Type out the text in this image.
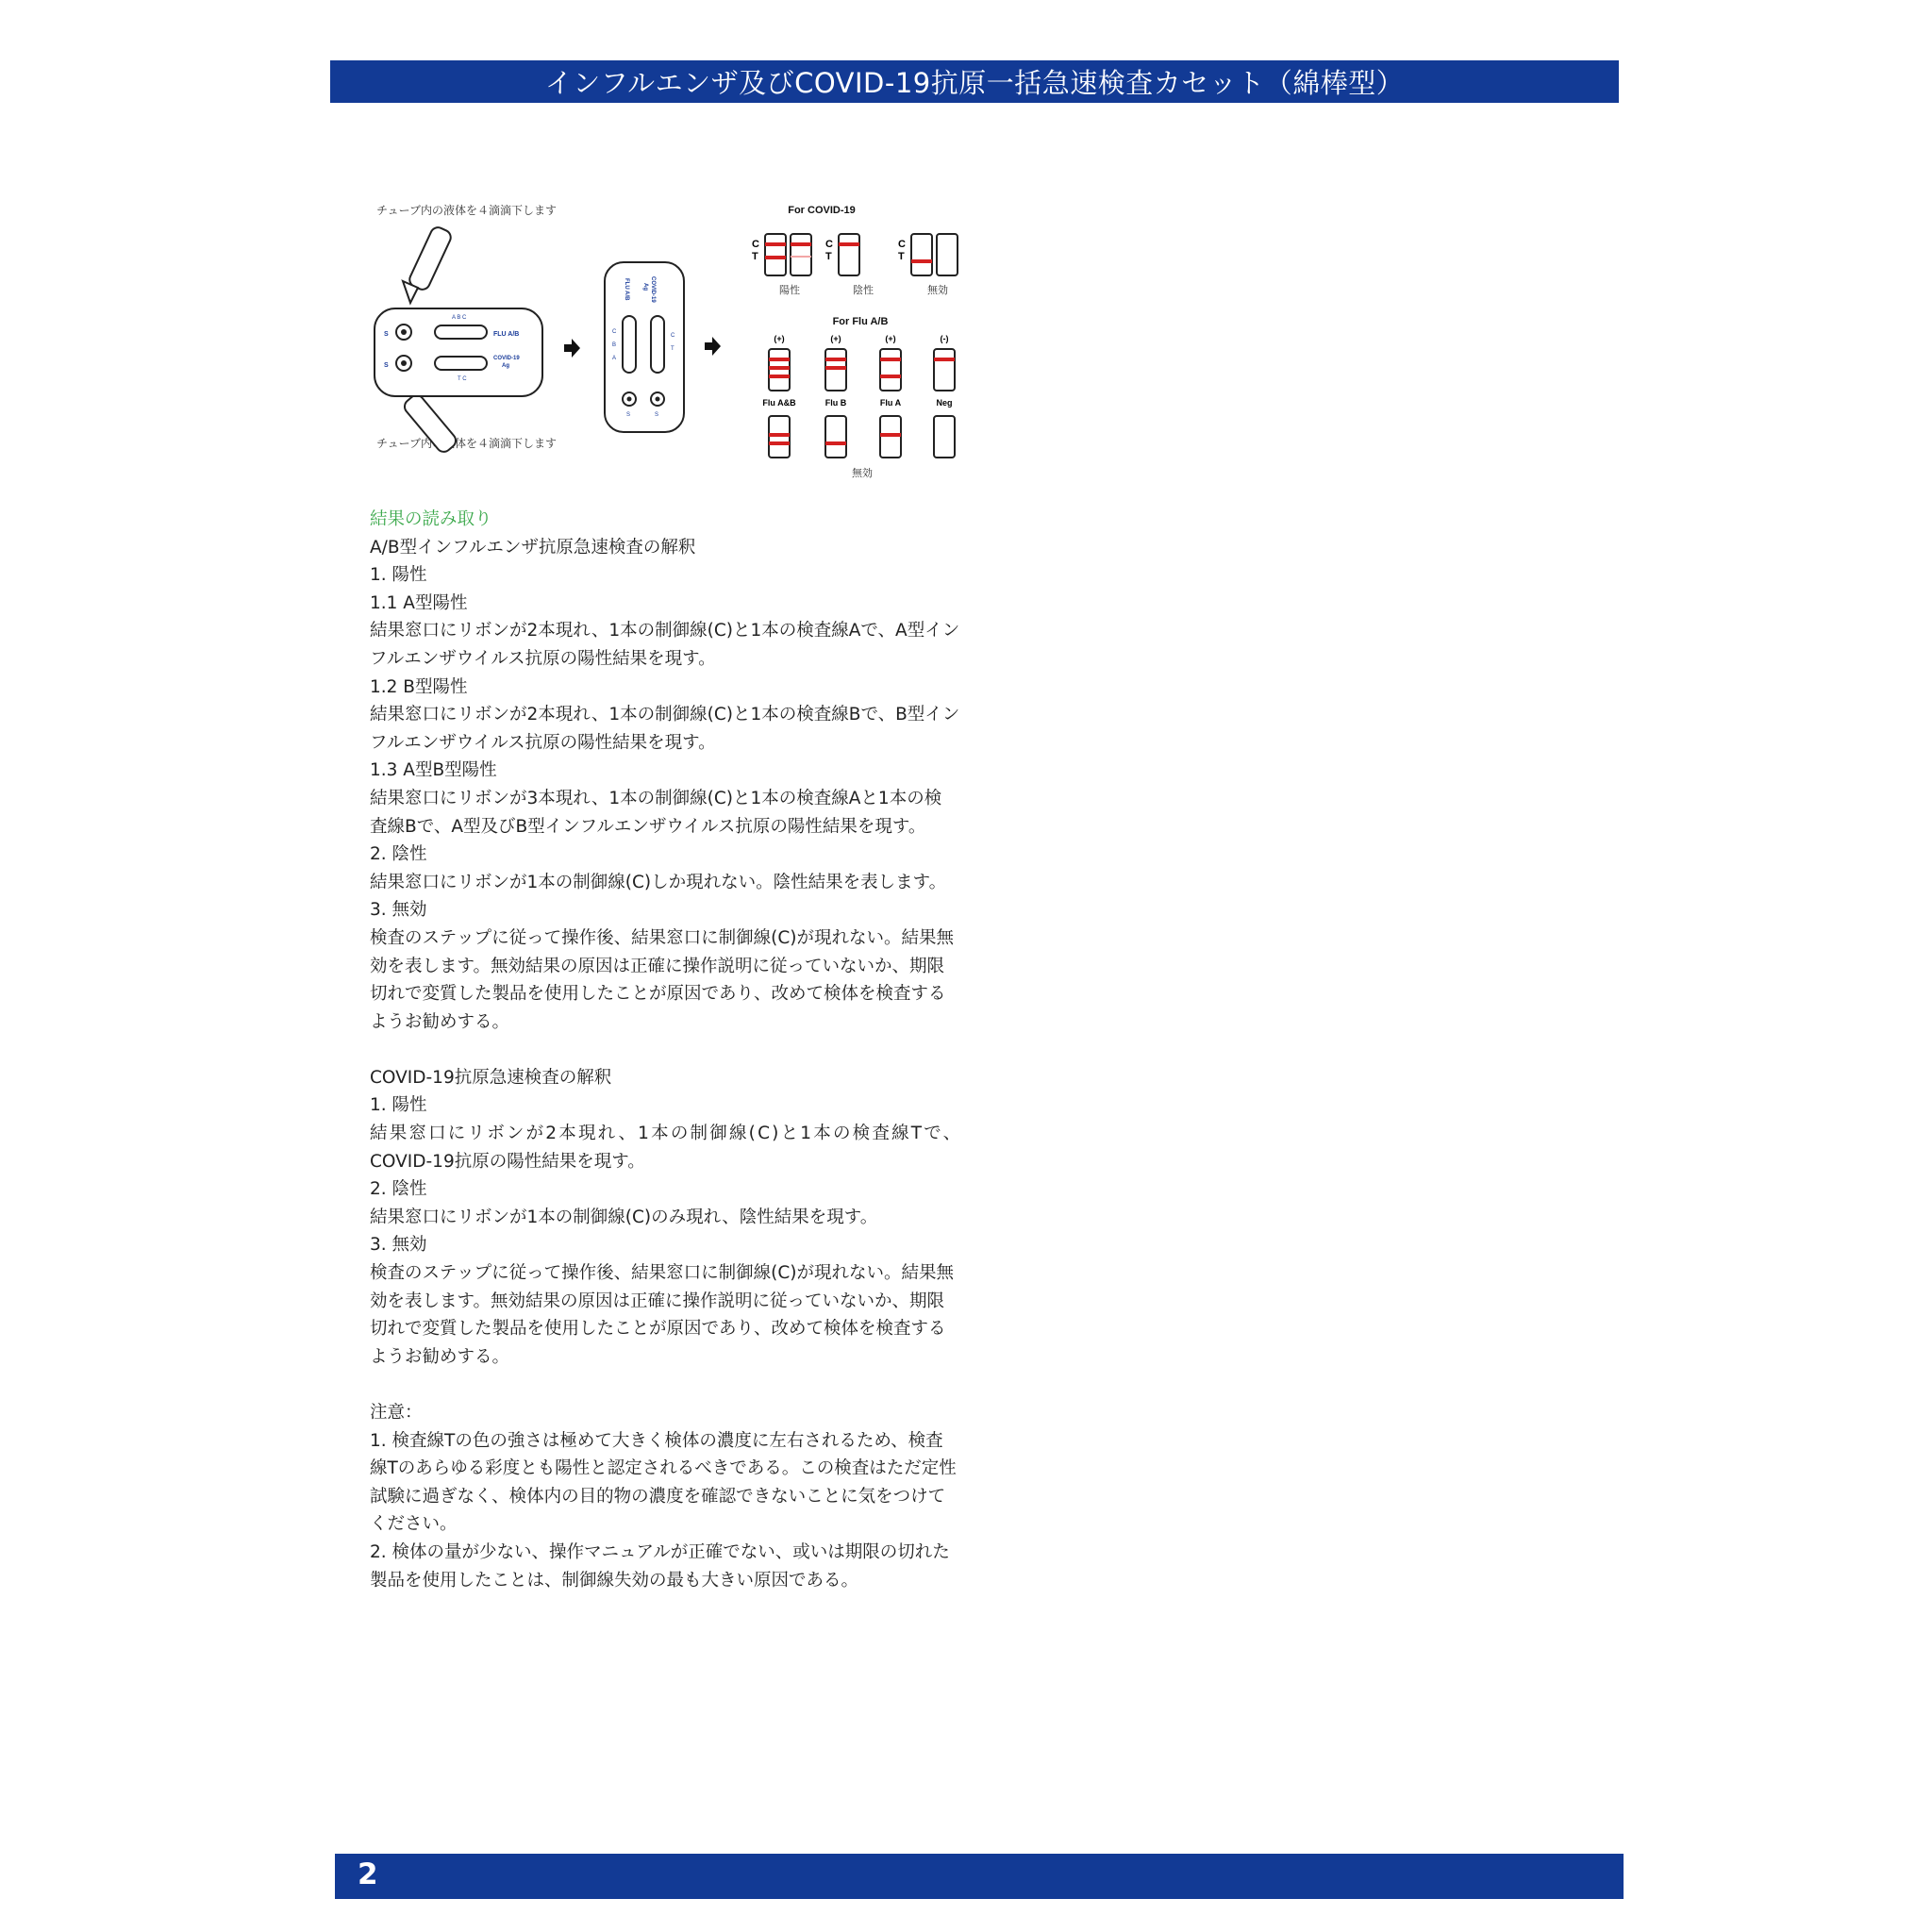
インフルエンザ及びCOVID-19抗原一括急速検査カセット（綿棒型）
チューブ内の液体を４滴滴下します
チューブ内の液体を４滴滴下します
S
S
A B C
T C
FLU A/B
COVID-19
Ag
FLU A/B	COVID-19
Ag
C
B
A
C
T
S	S
For COVID-19
C
T
C
T
C
T
陽性	陰性	無効
For Flu A/B
(+)	(+)	(+)	(-)
Flu A&B	Flu B	Flu A	Neg
無効

結果の読み取り

A/B型インフルエンザ抗原急速検査の解釈

1. 陽性

1.1 A型陽性

結果窓口にリボンが2本現れ、1本の制御線(C)と1本の検査線Aで、A型イン

フルエンザウイルス抗原の陽性結果を現す。

1.2 B型陽性

結果窓口にリボンが2本現れ、1本の制御線(C)と1本の検査線Bで、B型イン

フルエンザウイルス抗原の陽性結果を現す。

1.3 A型B型陽性

結果窓口にリボンが3本現れ、1本の制御線(C)と1本の検査線Aと1本の検

査線Bで、A型及びB型インフルエンザウイルス抗原の陽性結果を現す。

2. 陰性

結果窓口にリボンが1本の制御線(C)しか現れない。陰性結果を表します。

3. 無効

検査のステップに従って操作後、結果窓口に制御線(C)が現れない。結果無

効を表します。無効結果の原因は正確に操作説明に従っていないか、期限

切れで変質した製品を使用したことが原因であり、改めて検体を検査する

ようお勧めする。

COVID-19抗原急速検査の解釈

1. 陽性

結果窓口にリボンが2本現れ、1本の制御線(C)と1本の検査線Tで、

COVID-19抗原の陽性結果を現す。

2. 陰性

結果窓口にリボンが1本の制御線(C)のみ現れ、陰性結果を現す。

3. 無効

検査のステップに従って操作後、結果窓口に制御線(C)が現れない。結果無

効を表します。無効結果の原因は正確に操作説明に従っていないか、期限

切れで変質した製品を使用したことが原因であり、改めて検体を検査する

ようお勧めする。

注意：

1. 検査線Tの色の強さは極めて大きく検体の濃度に左右されるため、検査

線Tのあらゆる彩度とも陽性と認定されるべきである。この検査はただ定性

試験に過ぎなく、検体内の目的物の濃度を確認できないことに気をつけて

ください。

2. 検体の量が少ない、操作マニュアルが正確でない、或いは期限の切れた

製品を使用したことは、制御線失効の最も大きい原因である。

2
